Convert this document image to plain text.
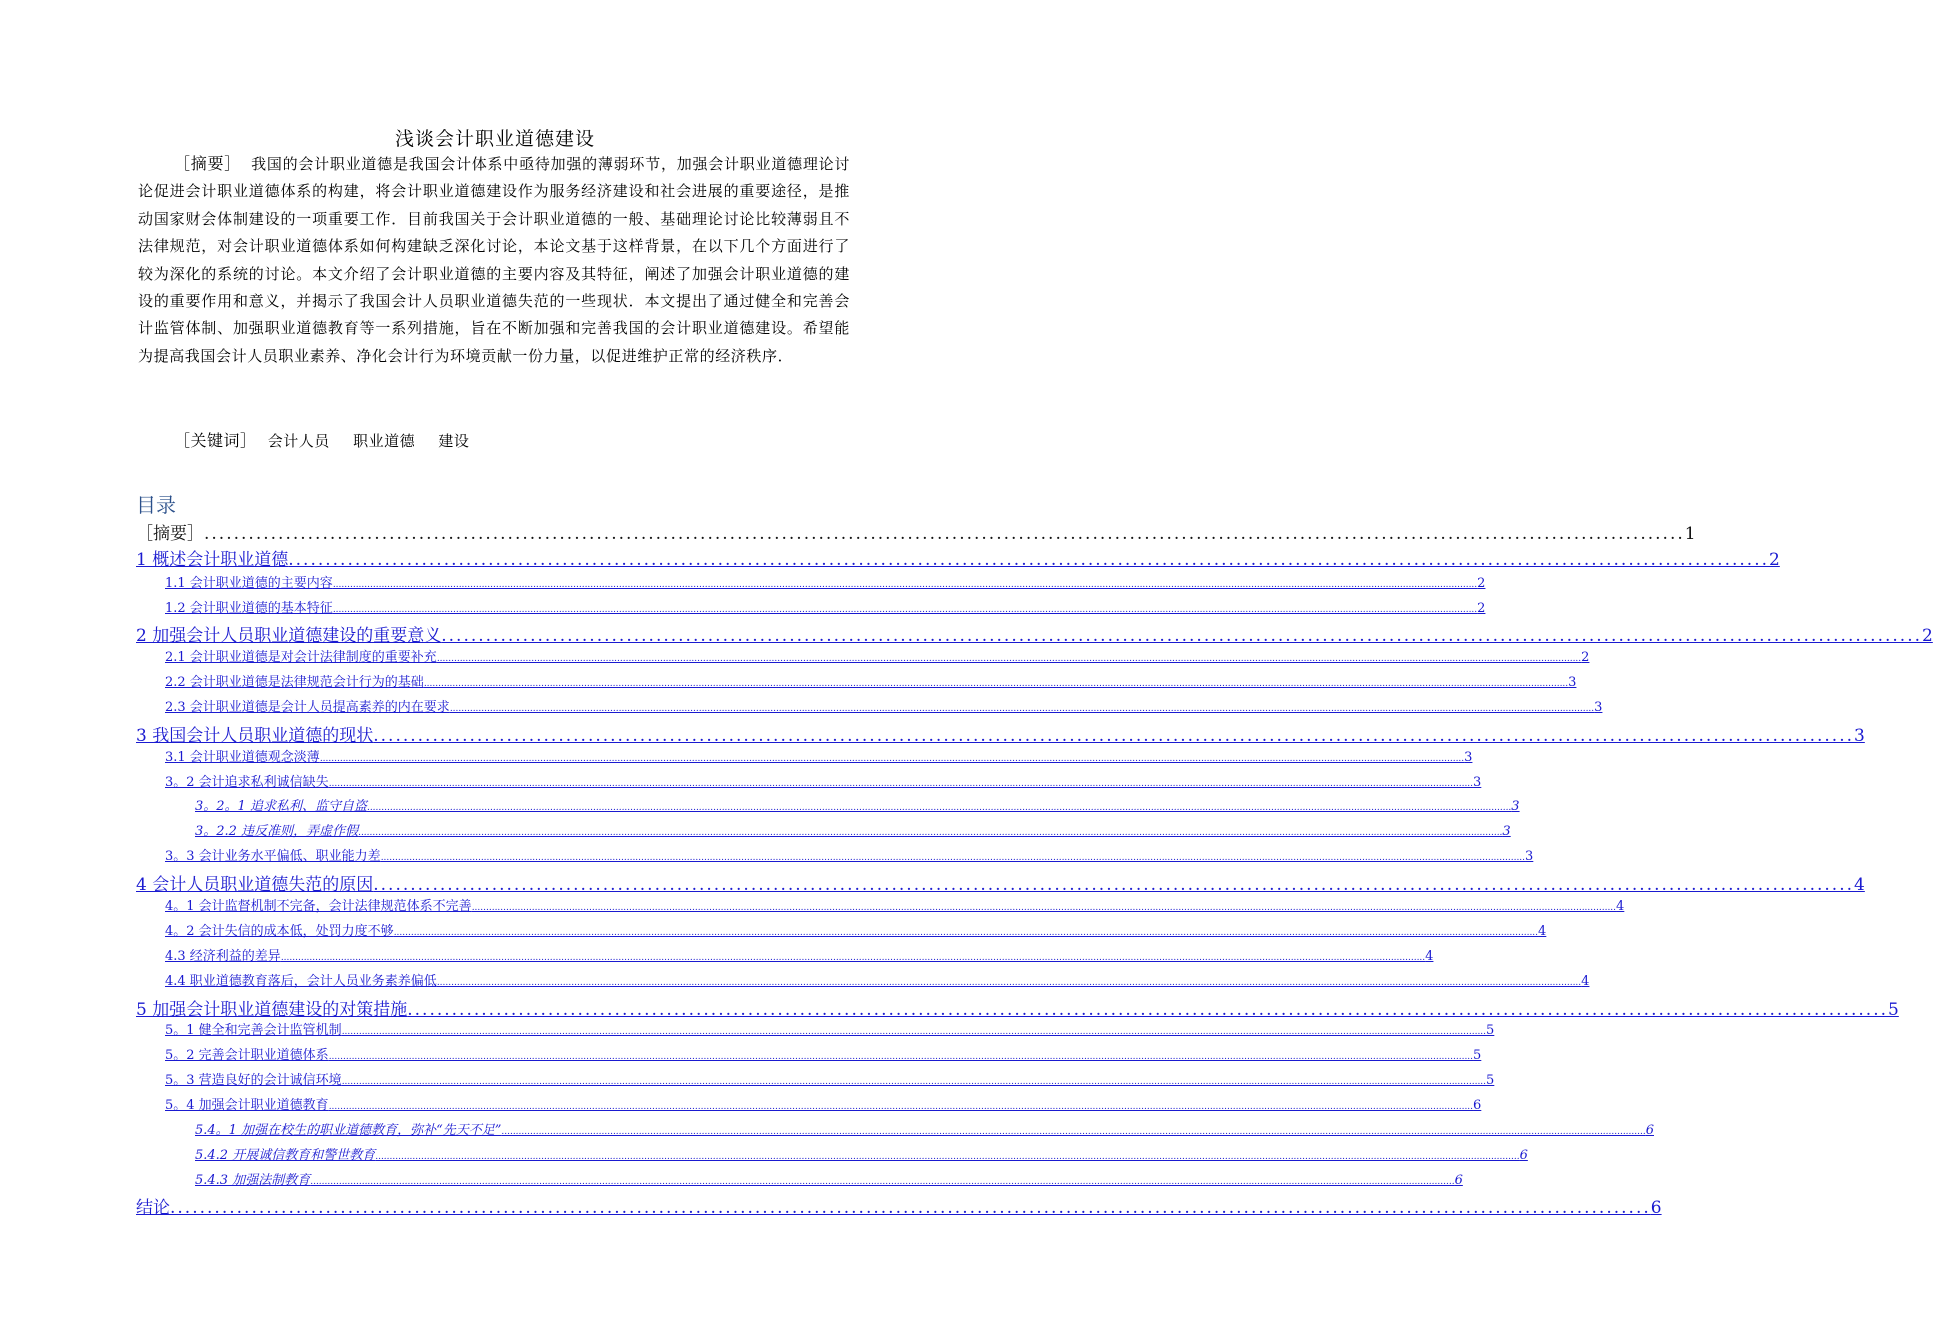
浅谈会计职业道德建设
［摘要］ 我国的会计职业道德是我国会计体系中亟待加强的薄弱环节，加强会计职业道德理论讨论促进会计职业道德体系的构建，将会计职业道德建设作为服务经济建设和社会进展的重要途径，是推动国家财会体制建设的一项重要工作．目前我国关于会计职业道德的一般、基础理论讨论比较薄弱且不法律规范，对会计职业道德体系如何构建缺乏深化讨论，本论文基于这样背景，在以下几个方面进行了较为深化的系统的讨论。本文介绍了会计职业道德的主要内容及其特征，阐述了加强会计职业道德的建设的重要作用和意义，并揭示了我国会计人员职业道德失范的一些现状．本文提出了通过健全和完善会计监管体制、加强职业道德教育等一系列措施，旨在不断加强和完善我国的会计职业道德建设。希望能为提高我国会计人员职业素养、净化会计行为环境贡献一份力量，以促进维护正常的经济秩序．
［关键词］ 会计人员 职业道德 建设
目录
［摘要］ ........................................................................................................................................................................................................ 1
1 概述会计职业道德 ........................................................................................................................................................................................................ 2
1.1 会计职业道德的主要内容 ................................................................................................................................................................................................................................................................................................................................................................................................................ 2
1.2 会计职业道德的基本特征 ................................................................................................................................................................................................................................................................................................................................................................................................................ 2
2 加强会计人员职业道德建设的重要意义 ........................................................................................................................................................................................................ 2
2.1 会计职业道德是对会计法律制度的重要补充 ................................................................................................................................................................................................................................................................................................................................................................................................................ 2
2.2 会计职业道德是法律规范会计行为的基础 ................................................................................................................................................................................................................................................................................................................................................................................................................ 3
2.3 会计职业道德是会计人员提高素养的内在要求 ................................................................................................................................................................................................................................................................................................................................................................................................................ 3
3 我国会计人员职业道德的现状 ........................................................................................................................................................................................................ 3
3.1 会计职业道德观念淡薄 ................................................................................................................................................................................................................................................................................................................................................................................................................ 3
3。2 会计追求私利诚信缺失 ................................................................................................................................................................................................................................................................................................................................................................................................................ 3
3。2。1 追求私利、监守自盗 ................................................................................................................................................................................................................................................................................................................................................................................................................ 3
3。2.2 违反准则，弄虚作假 ................................................................................................................................................................................................................................................................................................................................................................................................................ 3
3。3 会计业务水平偏低、职业能力差 ................................................................................................................................................................................................................................................................................................................................................................................................................ 3
4 会计人员职业道德失范的原因 ........................................................................................................................................................................................................ 4
4。1 会计监督机制不完备，会计法律规范体系不完善 ................................................................................................................................................................................................................................................................................................................................................................................................................ 4
4。2 会计失信的成本低，处罚力度不够 ................................................................................................................................................................................................................................................................................................................................................................................................................ 4
4.3 经济利益的差异 ................................................................................................................................................................................................................................................................................................................................................................................................................ 4
4.4 职业道德教育落后，会计人员业务素养偏低 ................................................................................................................................................................................................................................................................................................................................................................................................................ 4
5 加强会计职业道德建设的对策措施 ........................................................................................................................................................................................................ 5
5。1 健全和完善会计监管机制 ................................................................................................................................................................................................................................................................................................................................................................................................................ 5
5。2 完善会计职业道德体系 ................................................................................................................................................................................................................................................................................................................................................................................................................ 5
5。3 营造良好的会计诚信环境 ................................................................................................................................................................................................................................................................................................................................................................................................................ 5
5。4 加强会计职业道德教育 ................................................................................................................................................................................................................................................................................................................................................................................................................ 6
5.4。1 加强在校生的职业道德教育，弥补“先天不足” ................................................................................................................................................................................................................................................................................................................................................................................................................ 6
5.4.2 开展诚信教育和警世教育 ................................................................................................................................................................................................................................................................................................................................................................................................................ 6
5.4.3 加强法制教育 ................................................................................................................................................................................................................................................................................................................................................................................................................ 6
结论 ........................................................................................................................................................................................................ 6
